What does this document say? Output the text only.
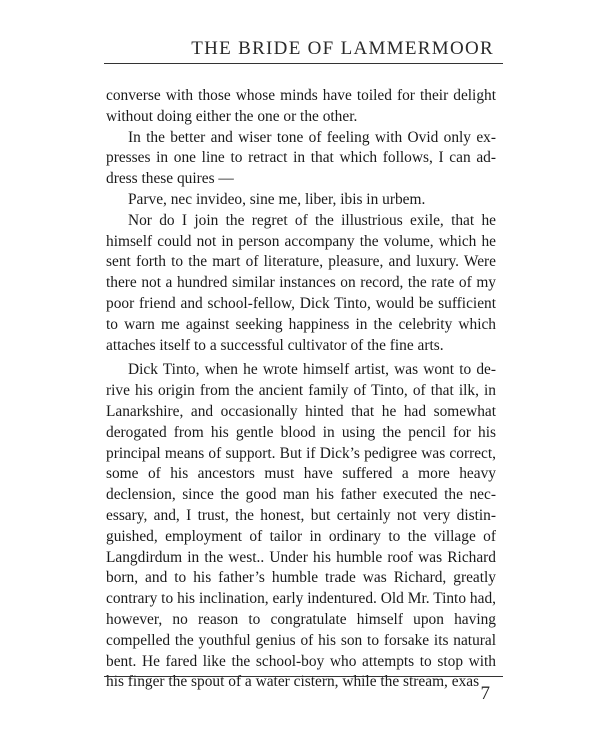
THE BRIDE OF LAMMERMOOR

converse with those whose minds have toiled for their delight without doing either the one or the other.

In the better and wiser tone of feeling with Ovid only expresses in one line to retract in that which follows, I can address these quires —

Parve, nec invideo, sine me, liber, ibis in urbem.

Nor do I join the regret of the illustrious exile, that he himself could not in person accompany the volume, which he sent forth to the mart of literature, pleasure, and luxury. Were there not a hundred similar instances on record, the rate of my poor friend and school-fellow, Dick Tinto, would be sufficient to warn me against seeking happiness in the celebrity which attaches itself to a successful cultivator of the fine arts.

Dick Tinto, when he wrote himself artist, was wont to derive his origin from the ancient family of Tinto, of that ilk, in Lanarkshire, and occasionally hinted that he had somewhat derogated from his gentle blood in using the pencil for his principal means of support. But if Dick’s pedigree was correct, some of his ancestors must have suffered a more heavy declension, since the good man his father executed the necessary, and, I trust, the honest, but certainly not very distinguished, employment of tailor in ordinary to the village of Langdirdum in the west.. Under his humble roof was Richard born, and to his father’s humble trade was Richard, greatly contrary to his inclination, early indentured. Old Mr. Tinto had, however, no reason to congratulate himself upon having compelled the youthful genius of his son to forsake its natural bent. He fared like the school-boy who attempts to stop with his finger the spout of a water cistern, while the stream, exas

7
